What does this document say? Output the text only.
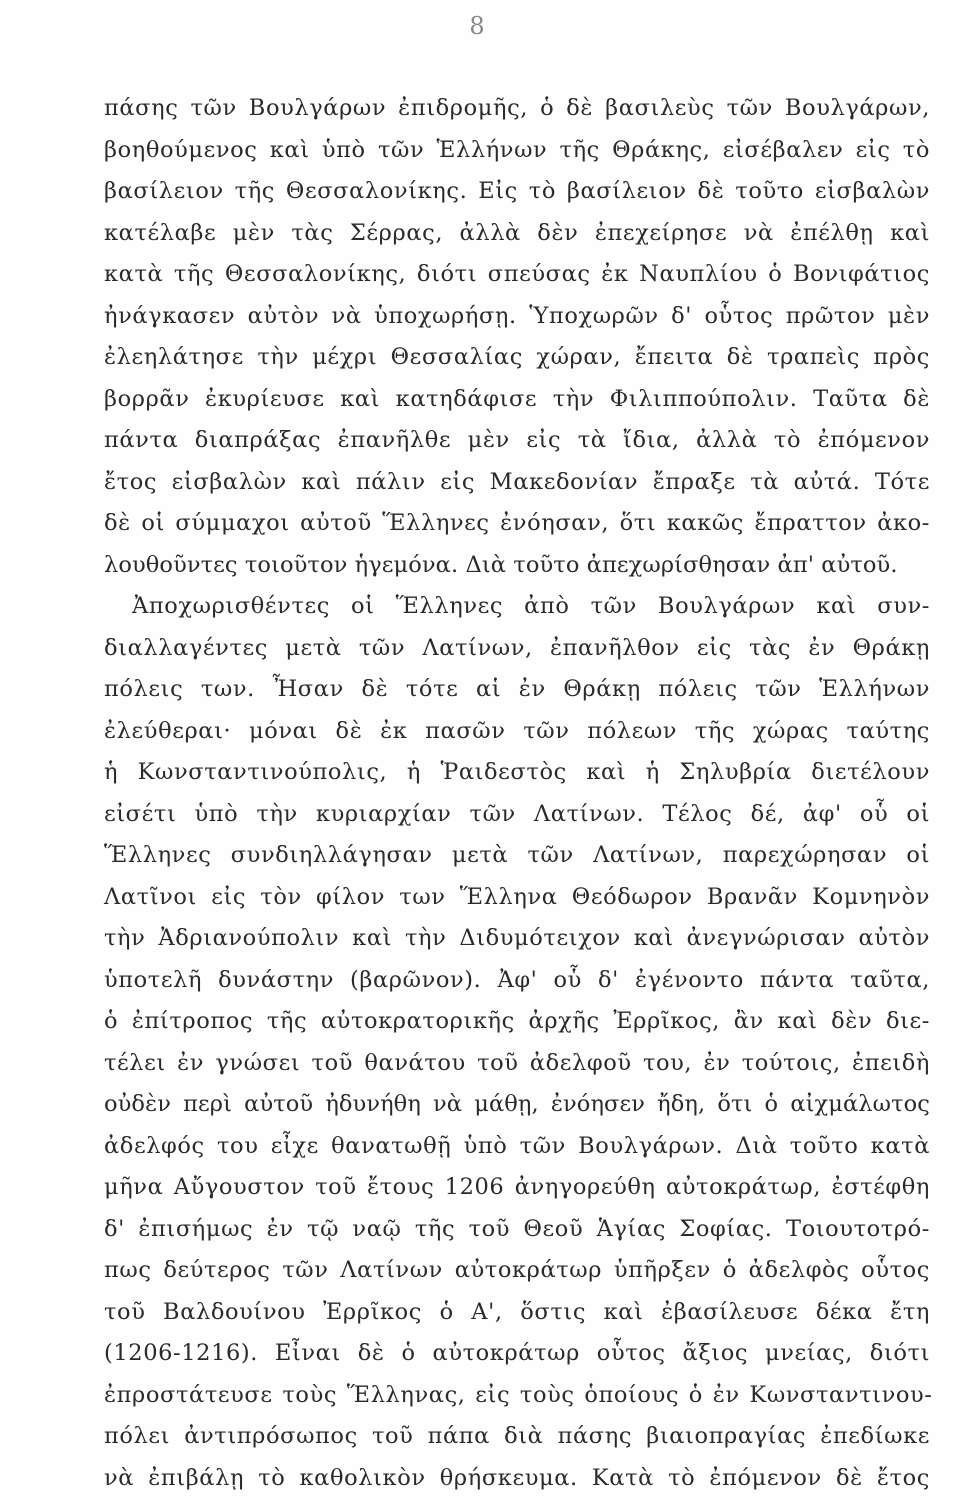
8
πάσης τῶν Βουλγάρων ἐπιδρομῆς, ὁ δὲ βασιλεὺς τῶν Βουλγάρων,
βοηθούμενος καὶ ὑπὸ τῶν Ἑλλήνων τῆς Θράκης, εἰσέβαλεν εἰς τὸ
βασίλειον τῆς Θεσσαλονίκης. Εἰς τὸ βασίλειον δὲ τοῦτο εἰσβαλὼν
κατέλαβε μὲν τὰς Σέρρας, ἀλλὰ δὲν ἐπεχείρησε νὰ ἐπέλθῃ καὶ
κατὰ τῆς Θεσσαλονίκης, διότι σπεύσας ἐκ Ναυπλίου ὁ Βονιφάτιος
ἠνάγκασεν αὐτὸν νὰ ὑποχωρήσῃ. Ὑποχωρῶν δ' οὗτος πρῶτον μὲν
ἐλεηλάτησε τὴν μέχρι Θεσσαλίας χώραν, ἔπειτα δὲ τραπεὶς πρὸς
βορρᾶν ἐκυρίευσε καὶ κατηδάφισε τὴν Φιλιππούπολιν. Ταῦτα δὲ
πάντα διαπράξας ἐπανῆλθε μὲν εἰς τὰ ἴδια, ἀλλὰ τὸ ἐπόμενον
ἔτος εἰσβαλὼν καὶ πάλιν εἰς Μακεδονίαν ἔπραξε τὰ αὐτά. Τότε
δὲ οἱ σύμμαχοι αὐτοῦ Ἕλληνες ἐνόησαν, ὅτι κακῶς ἔπραττον ἀκο-
λουθοῦντες τοιοῦτον ἡγεμόνα. Διὰ τοῦτο ἀπεχωρίσθησαν ἀπ' αὐτοῦ.
Ἀποχωρισθέντες οἱ Ἕλληνες ἀπὸ τῶν Βουλγάρων καὶ συν-
διαλλαγέντες μετὰ τῶν Λατίνων, ἐπανῆλθον εἰς τὰς ἐν Θράκῃ
πόλεις των. Ἦσαν δὲ τότε αἱ ἐν Θράκῃ πόλεις τῶν Ἑλλήνων
ἐλεύθεραι· μόναι δὲ ἐκ πασῶν τῶν πόλεων τῆς χώρας ταύτης
ἡ Κωνσταντινούπολις, ἡ Ῥαιδεστὸς καὶ ἡ Σηλυβρία διετέλουν
εἰσέτι ὑπὸ τὴν κυριαρχίαν τῶν Λατίνων. Τέλος δέ, ἀφ' οὗ οἱ
Ἕλληνες συνδιηλλάγησαν μετὰ τῶν Λατίνων, παρεχώρησαν οἱ
Λατῖνοι εἰς τὸν φίλον των Ἕλληνα Θεόδωρον Βρανᾶν Κομνηνὸν
τὴν Ἀδριανούπολιν καὶ τὴν Διδυμότειχον καὶ ἀνεγνώρισαν αὐτὸν
ὑποτελῆ δυνάστην (βαρῶνον). Ἀφ' οὗ δ' ἐγένοντο πάντα ταῦτα,
ὁ ἐπίτροπος τῆς αὐτοκρατορικῆς ἀρχῆς Ἐρρῖκος, ἂν καὶ δὲν διε-
τέλει ἐν γνώσει τοῦ θανάτου τοῦ ἀδελφοῦ του, ἐν τούτοις, ἐπειδὴ
οὐδὲν περὶ αὐτοῦ ἠδυνήθη νὰ μάθῃ, ἐνόησεν ἤδη, ὅτι ὁ αἰχμάλωτος
ἀδελφός του εἶχε θανατωθῇ ὑπὸ τῶν Βουλγάρων. Διὰ τοῦτο κατὰ
μῆνα Αὔγουστον τοῦ ἔτους 1206 ἀνηγορεύθη αὐτοκράτωρ, ἐστέφθη
δ' ἐπισήμως ἐν τῷ ναῷ τῆς τοῦ Θεοῦ Ἁγίας Σοφίας. Τοιουτοτρό-
πως δεύτερος τῶν Λατίνων αὐτοκράτωρ ὑπῆρξεν ὁ ἀδελφὸς οὗτος
τοῦ Βαλδουίνου Ἐρρῖκος ὁ Α', ὅστις καὶ ἐβασίλευσε δέκα ἔτη
(1206-1216). Εἶναι δὲ ὁ αὐτοκράτωρ οὗτος ἄξιος μνείας, διότι
ἐπροστάτευσε τοὺς Ἕλληνας, εἰς τοὺς ὁποίους ὁ ἐν Κωνσταντινου-
πόλει ἀντιπρόσωπος τοῦ πάπα διὰ πάσης βιαιοπραγίας ἐπεδίωκε
νὰ ἐπιβάλῃ τὸ καθολικὸν θρήσκευμα. Κατὰ τὸ ἐπόμενον δὲ ἔτος
